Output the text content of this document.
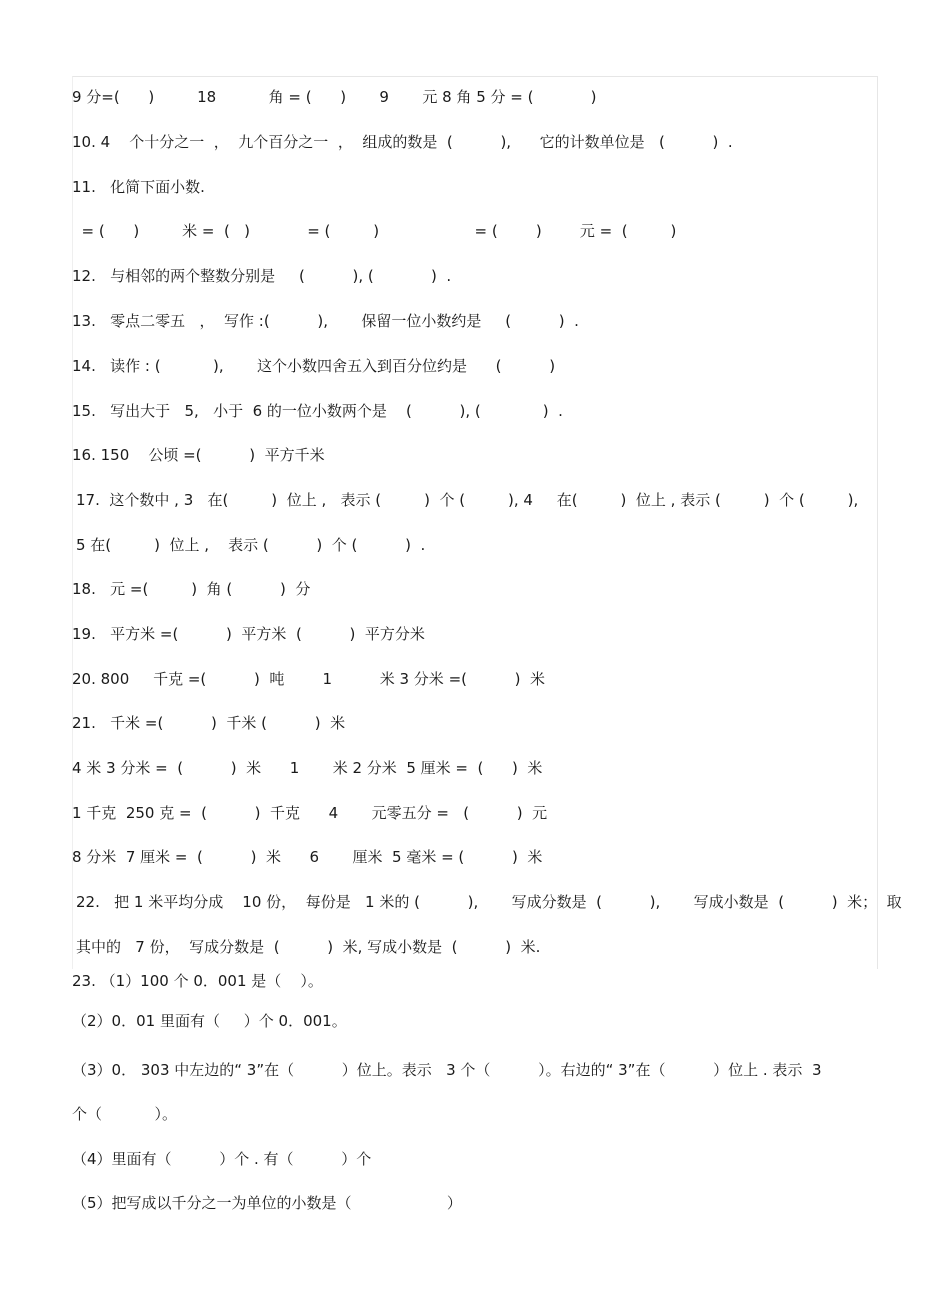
9 分=(      )         18           角 = (      )       9       元 8 角 5 分 = (            )
10. 4    个十分之一  ，  九个百分之一  ，  组成的数是  (          ),      它的计数单位是   (          )  .
11.   化简下面小数.
= (      )         米 =  (   )            = (         )                    = (        )        元 =  (         )
12.   与相邻的两个整数分别是     (          ), (            )  .
13.   零点二零五   ，  写作 :(          ),       保留一位小数约是     (          )  .
14.   读作 : (           ),       这个小数四舍五入到百分位约是      (          )
15.   写出大于   5,   小于  6 的一位小数两个是    (          ), (             )  .
16. 150    公顷 =(          )  平方千米
17.  这个数中 , 3   在(         )  位上 ,   表示 (         )  个 (         ), 4     在(         )  位上 , 表示 (         )  个 (         ),
5 在(         )  位上 ,    表示 (          )  个 (          )  .
18.   元 =(         )  角 (          )  分
19.   平方米 =(          )  平方米  (          )  平方分米
20. 800     千克 =(          )  吨        1          米 3 分米 =(          )  米
21.   千米 =(          )  千米 (          )  米
4 米 3 分米 =  (          )  米      1       米 2 分米  5 厘米 =  (      )  米
1 千克  250 克 =  (          )  千克      4       元零五分 =   (          )  元
8 分米  7 厘米 =  (          )  米      6       厘米  5 毫米 = (          )  米
22.   把 1 米平均分成    10 份，  每份是   1 米的 (          ),       写成分数是  (          ),       写成小数是  (          )  米；  取
其中的   7 份，  写成分数是  (          )  米, 写成小数是  (          )  米.
23. （1）100 个 0．001 是（    ）。
（2）0．01 里面有（     ）个 0．001。
（3）0． 303 中左边的“ 3”在（          ）位上。表示   3 个（          ）。右边的“ 3”在（          ）位上 . 表示  3
个（           ）。
（4）里面有（          ）个 . 有（          ）个
（5）把写成以千分之一为单位的小数是（                    ）
